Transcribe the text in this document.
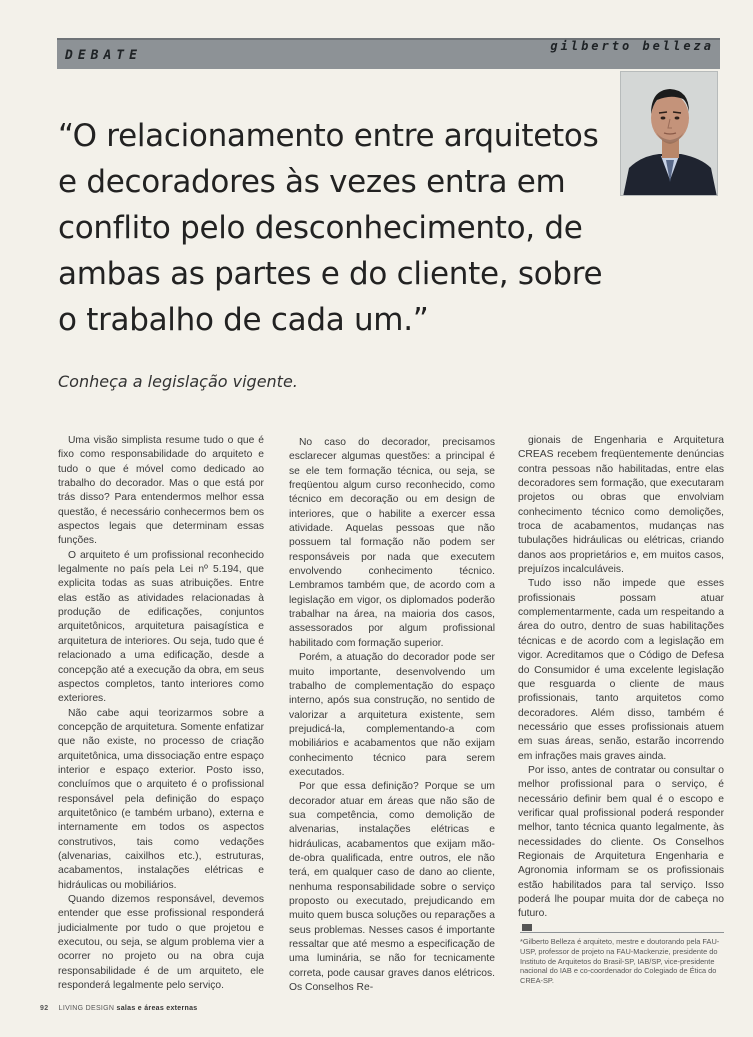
DEBATE
gilberto belleza
“O relacionamento entre arquitetos e decoradores às vezes entra em conflito pelo desconhecimento, de ambas as partes e do cliente, sobre o trabalho de cada um.”
Conheça a legislação vigente.

Uma visão simplista resume tudo o que é fixo como responsabilidade do arquiteto e tudo o que é móvel como dedicado ao trabalho do decorador. Mas o que está por trás disso? Para entendermos melhor essa questão, é necessário conhecermos bem os aspectos legais que determinam essas funções.

O arquiteto é um profissional reconhecido legalmente no país pela Lei nº 5.194, que explicita todas as suas atribuições. Entre elas estão as atividades relacionadas à produção de edificações, conjuntos arquitetônicos, arquitetura paisagística e arquitetura de interiores. Ou seja, tudo que é relacionado a uma edificação, desde a concepção até a execução da obra, em seus aspectos completos, tanto interiores como exteriores.

Não cabe aqui teorizarmos sobre a concepção de arquitetura. Somente enfatizar que não existe, no processo de criação arquitetônica, uma dissociação entre espaço interior e espaço exterior. Posto isso, concluímos que o arquiteto é o profissional responsável pela definição do espaço arquitetônico (e também urbano), externa e internamente em todos os aspectos construtivos, tais como vedações (alvenarias, caixilhos etc.), estruturas, acabamentos, instalações elétricas e hidráulicas ou mobiliários.

Quando dizemos responsável, devemos entender que esse profissional responderá judicialmente por tudo o que projetou e executou, ou seja, se algum problema vier a ocorrer no projeto ou na obra cuja responsabilidade é de um arquiteto, ele responderá legalmente pelo serviço.

No caso do decorador, precisamos esclarecer algumas questões: a principal é se ele tem formação técnica, ou seja, se freqüentou algum curso reconhecido, como técnico em decoração ou em design de interiores, que o habilite a exercer essa atividade. Aquelas pessoas que não possuem tal formação não podem ser responsáveis por nada que executem envolvendo conhecimento técnico. Lembramos também que, de acordo com a legislação em vigor, os diplomados poderão trabalhar na área, na maioria dos casos, assessorados por algum profissional habilitado com formação superior.

Porém, a atuação do decorador pode ser muito importante, desenvolvendo um trabalho de complementação do espaço interno, após sua construção, no sentido de valorizar a arquitetura existente, sem prejudicá-la, complementando-a com mobiliários e acabamentos que não exijam conhecimento técnico para serem executados.

Por que essa definição? Porque se um decorador atuar em áreas que não são de sua competência, como demolição de alvenarias, instalações elétricas e hidráulicas, acabamentos que exijam mão-de-obra qualificada, entre outros, ele não terá, em qualquer caso de dano ao cliente, nenhuma responsabilidade sobre o serviço proposto ou executado, prejudicando em muito quem busca soluções ou reparações a seus problemas. Nesses casos é importante ressaltar que até mesmo a especificação de uma luminária, se não for tecnicamente correta, pode causar graves danos elétricos. Os Conselhos Re-

gionais de Engenharia e Arquitetura CREAS recebem freqüentemente denúncias contra pessoas não habilitadas, entre elas decoradores sem formação, que executaram projetos ou obras que envolviam conhecimento técnico como demolições, troca de acabamentos, mudanças nas tubulações hidráulicas ou elétricas, criando danos aos proprietários e, em muitos casos, prejuízos incalculáveis.

Tudo isso não impede que esses profissionais possam atuar complementarmente, cada um respeitando a área do outro, dentro de suas habilitações técnicas e de acordo com a legislação em vigor. Acreditamos que o Código de Defesa do Consumidor é uma excelente legislação que resguarda o cliente de maus profissionais, tanto arquitetos como decoradores. Além disso, também é necessário que esses profissionais atuem em suas áreas, senão, estarão incorrendo em infrações mais graves ainda.

Por isso, antes de contratar ou consultar o melhor profissional para o serviço, é necessário definir bem qual é o escopo e verificar qual profissional poderá responder melhor, tanto técnica quanto legalmente, às necessidades do cliente. Os Conselhos Regionais de Arquitetura Engenharia e Agronomia informam se os profissionais estão habilitados para tal serviço. Isso poderá lhe poupar muita dor de cabeça no futuro.

*Gilberto Belleza é arquiteto, mestre e doutorando pela FAU-USP, professor de projeto na FAU-Mackenzie, presidente do Instituto de Arquitetos do Brasil-SP, IAB/SP, vice-presidente nacional do IAB e co-coordenador do Colegiado de Ética do CREA-SP.
92 LIVING DESIGN salas e áreas externas
